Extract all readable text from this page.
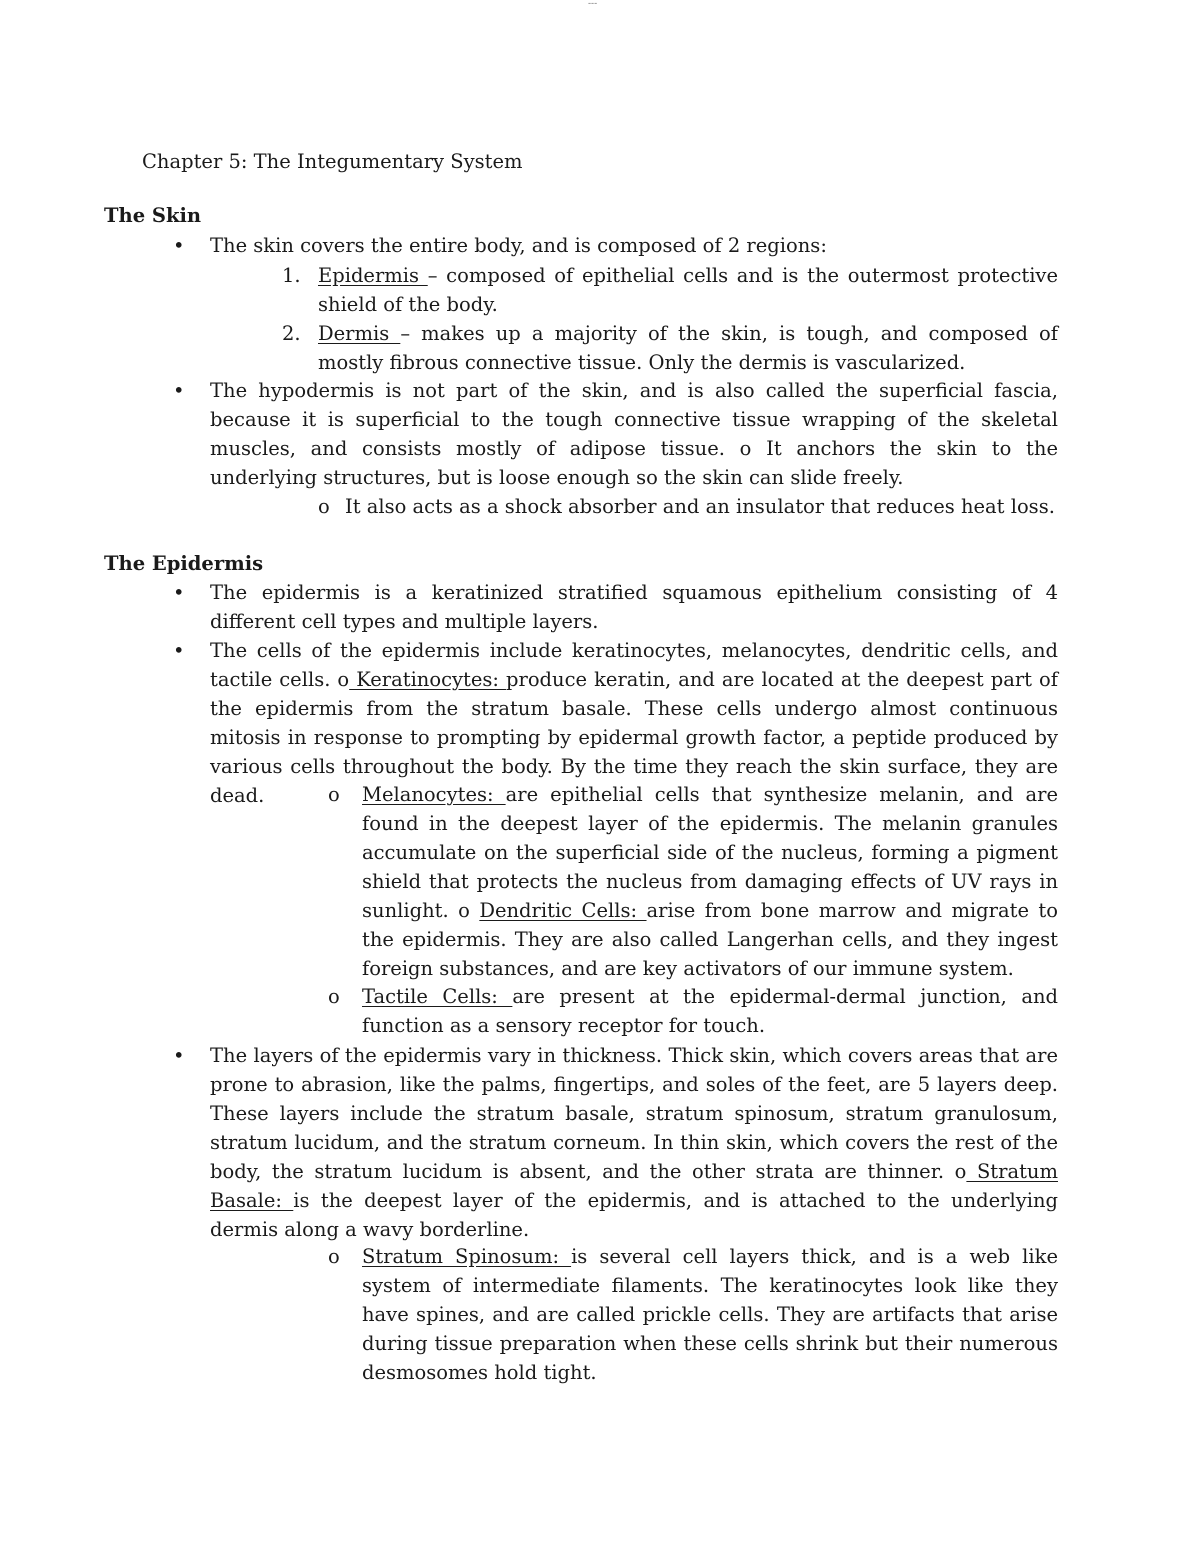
---
Chapter 5: The Integumentary System
The Skin
• The skin covers the entire body, and is composed of 2 regions:

1. Epidermis – composed of epithelial cells and is the outermost protective shield of the body.

2. Dermis – makes up a majority of the skin, is tough, and composed of mostly fibrous connective tissue. Only the dermis is vascularized.

• The hypodermis is not part of the skin, and is also called the superficial fascia, because it is superficial to the tough connective tissue wrapping of the skeletal muscles, and consists mostly of adipose tissue. o It anchors the skin to the underlying structures, but is loose enough so the skin can slide freely.

o It also acts as a shock absorber and an insulator that reduces heat loss.

The Epidermis
• The epidermis is a keratinized stratified squamous epithelium consisting of 4 different cell types and multiple layers.

• The cells of the epidermis include keratinocytes, melanocytes, dendritic cells, and tactile cells. o Keratinocytes: produce keratin, and are located at the deepest part of the epidermis from the stratum basale. These cells undergo almost continuous mitosis in response to prompting by epidermal growth factor, a peptide produced by various cells throughout the body. By the time they reach the skin surface, they are dead.	o Melanocytes: are epithelial cells that synthesize melanin, and are found in the deepest layer of the epidermis. The melanin granules accumulate on the superficial side of the nucleus, forming a pigment shield that protects the nucleus from damaging effects of UV rays in sunlight. o Dendritic Cells: arise from bone marrow and migrate to the epidermis. They are also called Langerhan cells, and they ingest foreign substances, and are key activators of our immune system.

o Tactile Cells: are present at the epidermal-dermal junction, and function as a sensory receptor for touch.

• The layers of the epidermis vary in thickness. Thick skin, which covers areas that are prone to abrasion, like the palms, fingertips, and soles of the feet, are 5 layers deep. These layers include the stratum basale, stratum spinosum, stratum granulosum, stratum lucidum, and the stratum corneum. In thin skin, which covers the rest of the body, the stratum lucidum is absent, and the other strata are thinner. o Stratum Basale: is the deepest layer of the epidermis, and is attached to the underlying dermis along a wavy borderline.

o Stratum Spinosum: is several cell layers thick, and is a web like system of intermediate filaments. The keratinocytes look like they have spines, and are called prickle cells. They are artifacts that arise during tissue preparation when these cells shrink but their numerous desmosomes hold tight.
